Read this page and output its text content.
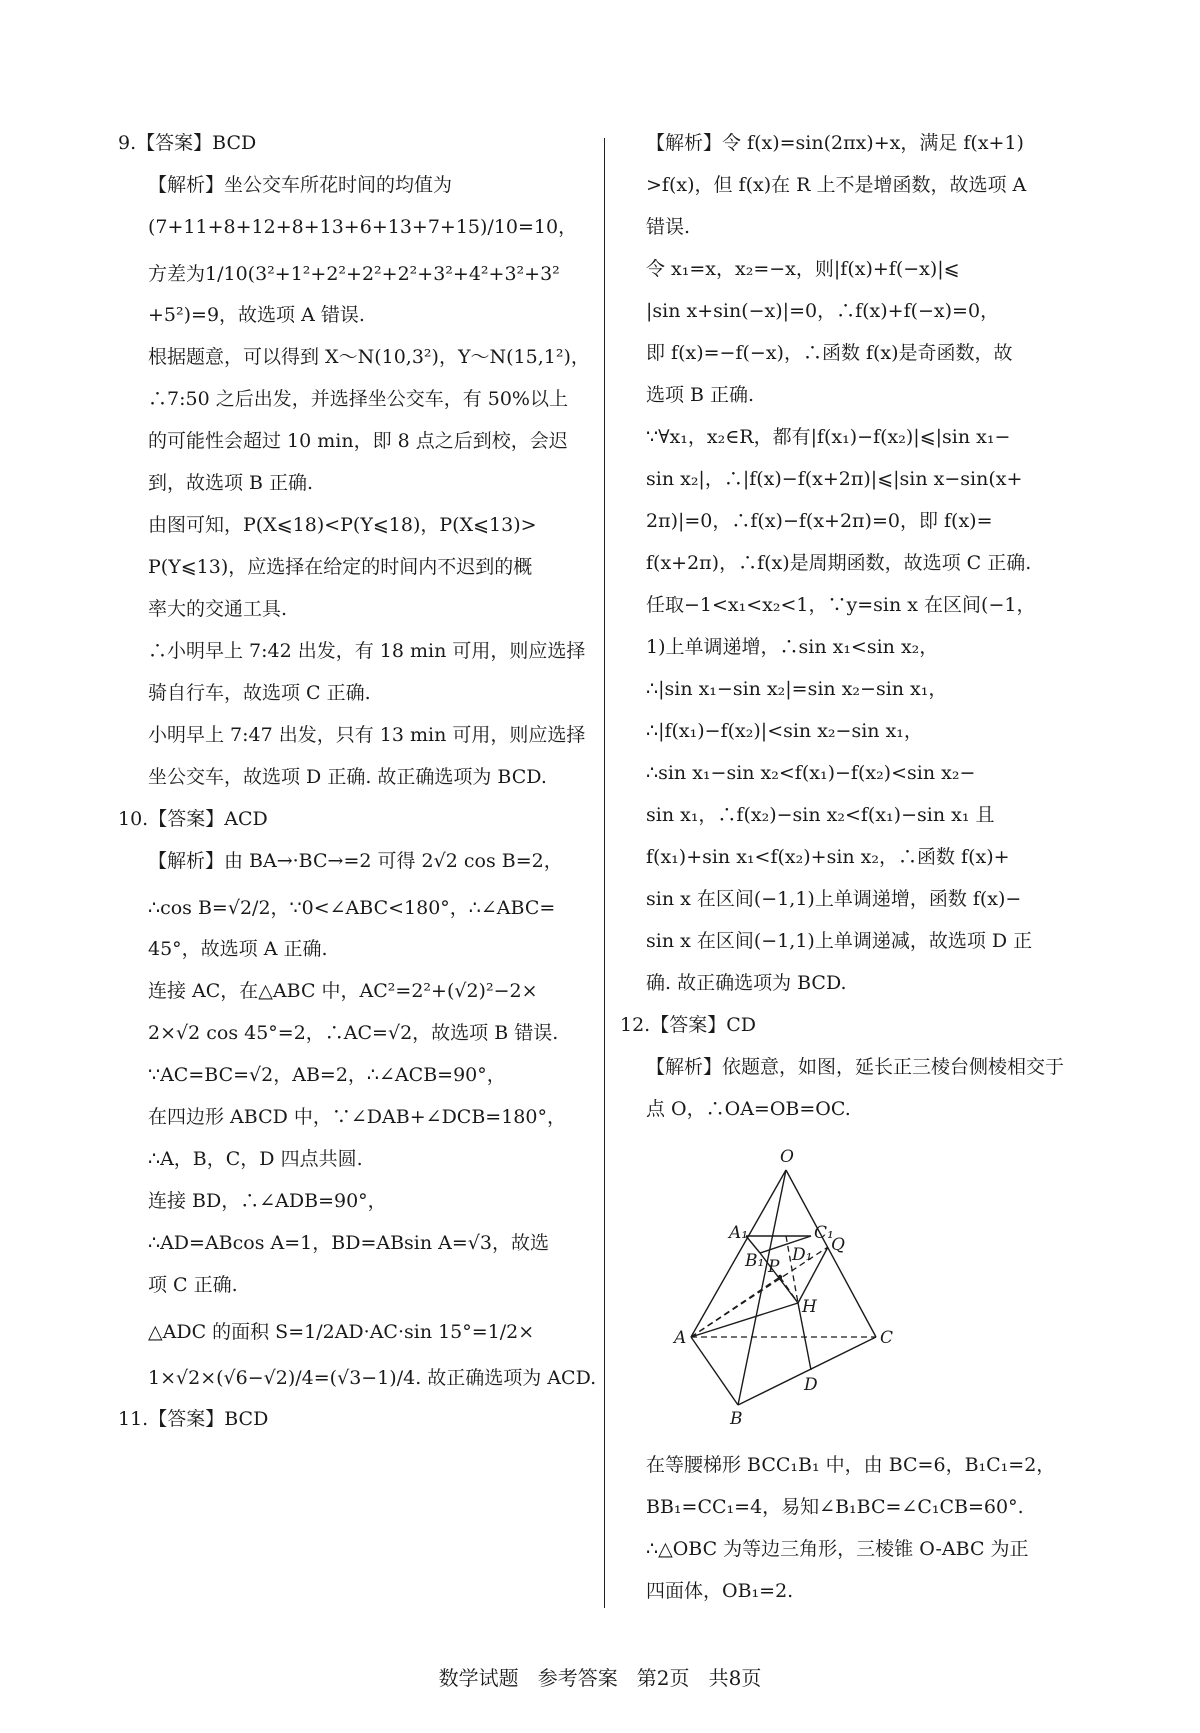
9.【答案】BCD
【解析】坐公交车所花时间的均值为
(7+11+8+12+8+13+6+13+7+15)/10=10，
方差为1/10(3²+1²+2²+2²+2²+3²+4²+3²+3²
+5²)=9，故选项 A 错误.
根据题意，可以得到 X～N(10,3²)，Y～N(15,1²)，
∴7:50 之后出发，并选择坐公交车，有 50%以上
的可能性会超过 10 min，即 8 点之后到校，会迟
到，故选项 B 正确.
由图可知，P(X⩽18)<P(Y⩽18)，P(X⩽13)>
P(Y⩽13)，应选择在给定的时间内不迟到的概
率大的交通工具.
∴小明早上 7:42 出发，有 18 min 可用，则应选择
骑自行车，故选项 C 正确.
小明早上 7:47 出发，只有 13 min 可用，则应选择
坐公交车，故选项 D 正确. 故正确选项为 BCD.
10.【答案】ACD
【解析】由 BA→·BC→=2 可得 2√2 cos B=2，
∴cos B=√2/2，∵0<∠ABC<180°，∴∠ABC=
45°，故选项 A 正确.
连接 AC，在△ABC 中，AC²=2²+(√2)²−2×
2×√2 cos 45°=2，∴AC=√2，故选项 B 错误.
∵AC=BC=√2，AB=2，∴∠ACB=90°，
在四边形 ABCD 中，∵∠DAB+∠DCB=180°，
∴A，B，C，D 四点共圆.
连接 BD，∴∠ADB=90°，
∴AD=ABcos A=1，BD=ABsin A=√3，故选
项 C 正确.
△ADC 的面积 S=1/2AD·AC·sin 15°=1/2×
1×√2×(√6−√2)/4=(√3−1)/4. 故正确选项为 ACD.
11.【答案】BCD
【解析】令 f(x)=sin(2πx)+x，满足 f(x+1)
>f(x)，但 f(x)在 R 上不是增函数，故选项 A
错误.
令 x₁=x，x₂=−x，则|f(x)+f(−x)|⩽
|sin x+sin(−x)|=0，∴f(x)+f(−x)=0，
即 f(x)=−f(−x)，∴函数 f(x)是奇函数，故
选项 B 正确.
∵∀x₁，x₂∈R，都有|f(x₁)−f(x₂)|⩽|sin x₁−
sin x₂|，∴|f(x)−f(x+2π)|⩽|sin x−sin(x+
2π)|=0，∴f(x)−f(x+2π)=0，即 f(x)=
f(x+2π)，∴f(x)是周期函数，故选项 C 正确.
任取−1<x₁<x₂<1，∵y=sin x 在区间(−1，
1)上单调递增，∴sin x₁<sin x₂，
∴|sin x₁−sin x₂|=sin x₂−sin x₁，
∴|f(x₁)−f(x₂)|<sin x₂−sin x₁，
∴sin x₁−sin x₂<f(x₁)−f(x₂)<sin x₂−
sin x₁，∴f(x₂)−sin x₂<f(x₁)−sin x₁ 且
f(x₁)+sin x₁<f(x₂)+sin x₂，∴函数 f(x)+
sin x 在区间(−1,1)上单调递增，函数 f(x)−
sin x 在区间(−1,1)上单调递减，故选项 D 正
确. 故正确选项为 BCD.
12.【答案】CD
【解析】依题意，如图，延长正三棱台侧棱相交于
点 O，∴OA=OB=OC.
O
A₁	C₁
B₁ D₁ Q
P
H
A	C
D
B
在等腰梯形 BCC₁B₁ 中，由 BC=6，B₁C₁=2，
BB₁=CC₁=4，易知∠B₁BC=∠C₁CB=60°.
∴△OBC 为等边三角形，三棱锥 O-ABC 为正
四面体，OB₁=2.
数学试题   参考答案   第2页   共8页
